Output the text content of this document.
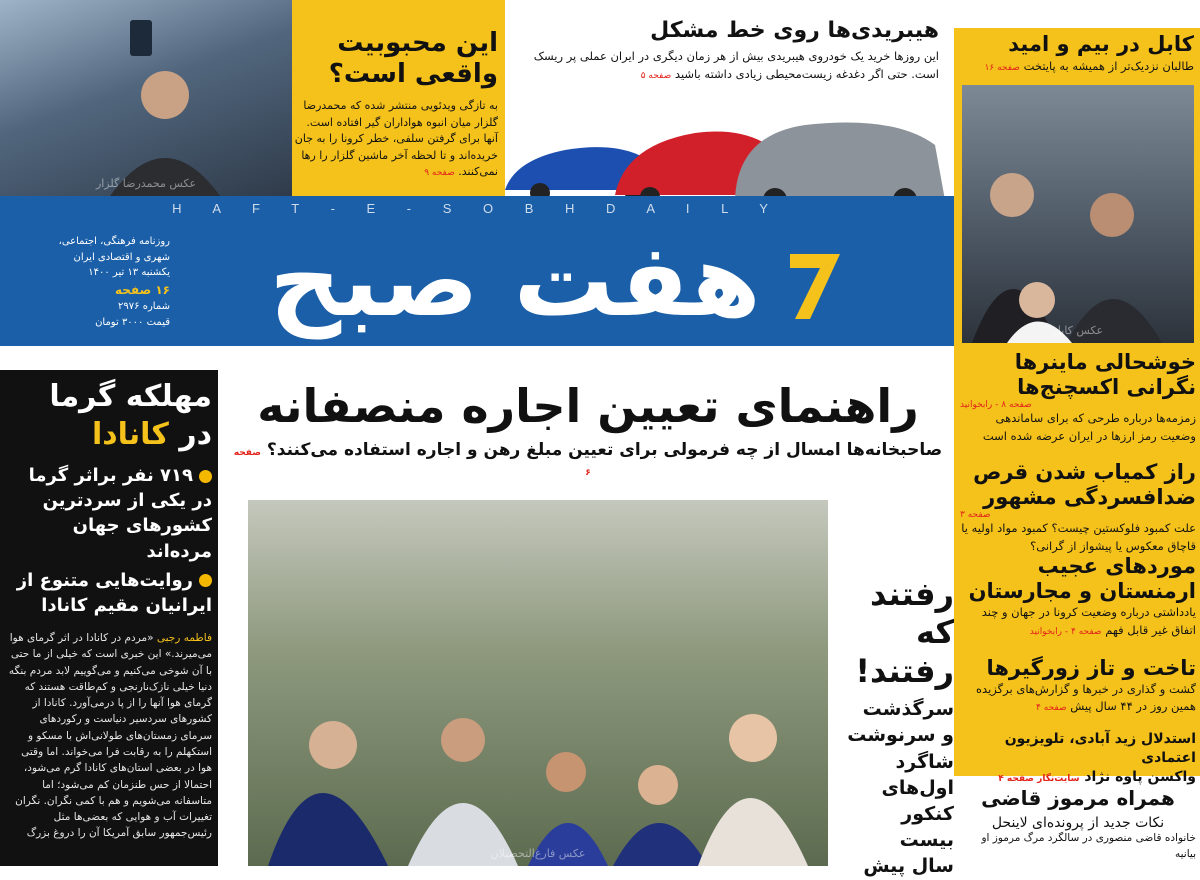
عکس محمدرضا گلزار
این محبوبیت
واقعی است؟
به تازگی ویدئویی منتشر شده که محمدرضا گلزار میان انبوه هواداران گیر افتاده است. آنها برای گرفتن سلفی، خطر کرونا را به جان خریده‌اند و تا لحظه آخر ماشین گلزار را رها نمی‌کنند. صفحه ۹
هیبریدی‌ها روی خط مشکل
این روزها خرید یک خودروی هیبریدی بیش از هر زمان دیگری در ایران عملی پر ریسک است. حتی اگر دغدغه زیست‌محیطی زیادی داشته باشید صفحه ۵
کابل در بیم و امید
طالبان نزدیک‌تر از همیشه به پایتخت صفحه ۱۶
عکس کابل
H A F T - E - S O B H D A I L Y
روزنامه فرهنگی، اجتماعی،
شهری و اقتصادی ایران
یکشنبه ۱۳ تیر ۱۴۰۰
۱۶ صفحه
شماره ۲۹۷۶
قیمت ۳۰۰۰ تومان هفت صبح
مهلکه گرما
در کانادا
۷۱۹ نفر براثر گرما در یکی از سردترین کشورهای جهان مرده‌اند
روایت‌هایی متنوع از ایرانیان مقیم کانادا
فاطمه رجبی «مردم در کانادا در اثر گرمای هوا می‌میرند.» این خبری است که خیلی از ما حتی با آن شوخی می‌کنیم و می‌گوییم لابد مردم بنگه دنیا خیلی نازک‌نارنجی و کم‌طاقت هستند که گرمای هوا آنها را از پا درمی‌آورد. کانادا از کشورهای سردسیر دنیاست و رکوردهای سرمای زمستان‌های طولانی‌اش با مسکو و استکهلم را به رقابت فرا می‌خواند. اما وقتی هوا در بعضی استان‌های کانادا گرم می‌شود، احتمالا از حس طنزمان کم می‌شود؛ اما متاسفانه می‌شویم و هم با کمی نگران. نگران تغییرات آب و هوایی که بعضی‌ها مثل رئیس‌جمهور سابق آمریکا آن را دروغ بزرگ
راهنمای تعیین اجاره منصفانه
صاحبخانه‌ها امسال از چه فرمولی برای تعیین مبلغ رهن و اجاره استفاده می‌کنند؟ صفحه ۶
عکس فارغ‌التحصیلان
رفتند که
رفتند!
سرگذشت
و سرنوشت
شاگرد
اول‌های
کنکور
بیست
سال پیش
خوشحالی ماینرها
نگرانی اکسچنج‌ها
صفحه ۸ - رابخوانید
زمزمه‌ها درباره طرحی که برای ساماندهی وضعیت رمز ارزها در ایران عرضه شده است
راز کمیاب شدن قرص
ضدافسردگی مشهور
صفحه ۳
علت کمبود فلوکستین چیست؟ کمبود مواد اولیه یا قاچاق معکوس یا پیشواز از گرانی؟
موردهای عجیب
ارمنستان و مجارستان
یادداشتی درباره وضعیت کرونا در جهان و چند اتفاق غیر قابل فهم صفحه ۴ - رابخوانید
تاخت و تاز زورگیرها
گشت و گذاری در خبرها و گزارش‌های برگزیده همین روز در ۴۴ سال پیش صفحه ۴
استدلال زید آبادی، تلویزیون اعتمادی
واکسن پاوه نژاد سایت‌نگار صفحه ۴
همراه مرموز قاضی
نکات جدید از پرونده‌ای لاینحل
خانواده قاضی منصوری در سالگرد مرگ مرموز او بیانیه
